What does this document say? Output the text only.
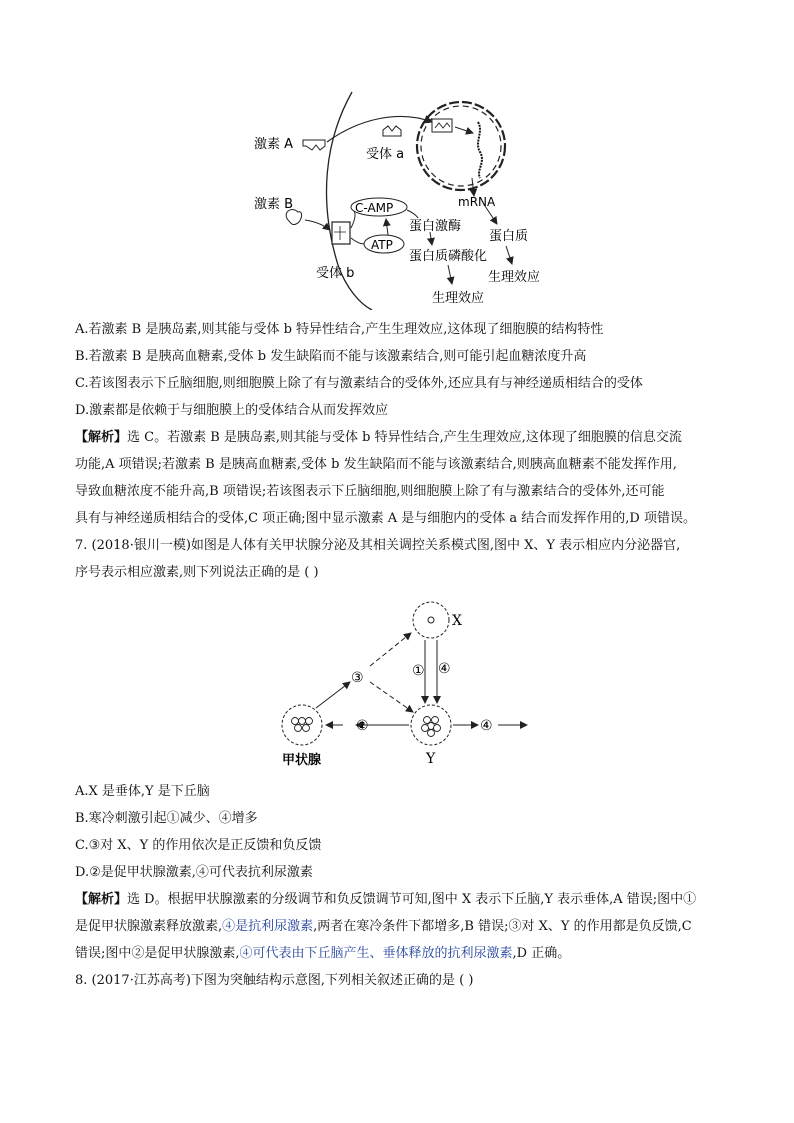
激素 A
受体 a
激素 B	C-AMP
ATP
蛋白激酶
蛋白质磷酸化
受体 b
mRNA
蛋白质
生理效应
生理效应
A.若激素 B 是胰岛素,则其能与受体 b 特异性结合,产生生理效应,这体现了细胞膜的结构特性
B.若激素 B 是胰高血糖素,受体 b 发生缺陷而不能与该激素结合,则可能引起血糖浓度升高
C.若该图表示下丘脑细胞,则细胞膜上除了有与激素结合的受体外,还应具有与神经递质相结合的受体
D.激素都是依赖于与细胞膜上的受体结合从而发挥效应
【解析】选 C。若激素 B 是胰岛素,则其能与受体 b 特异性结合,产生生理效应,这体现了细胞膜的信息交流
功能,A 项错误;若激素 B 是胰高血糖素,受体 b 发生缺陷而不能与该激素结合,则胰高血糖素不能发挥作用,
导致血糖浓度不能升高,B 项错误;若该图表示下丘脑细胞,则细胞膜上除了有与激素结合的受体外,还可能
具有与神经递质相结合的受体,C 项正确;图中显示激素 A 是与细胞内的受体 a 结合而发挥作用的,D 项错误。
7. (2018·银川一模)如图是人体有关甲状腺分泌及其相关调控关系模式图,图中 X、Y 表示相应内分泌器官,
序号表示相应激素,则下列说法正确的是 ( )
X
Y
甲状腺
① ④
②
③
④
A.X 是垂体,Y 是下丘脑
B.寒冷刺激引起①减少、④增多
C.③对 X、Y 的作用依次是正反馈和负反馈
D.②是促甲状腺激素,④可代表抗利尿激素
【解析】选 D。根据甲状腺激素的分级调节和负反馈调节可知,图中 X 表示下丘脑,Y 表示垂体,A 错误;图中①
是促甲状腺激素释放激素,④是抗利尿激素,两者在寒冷条件下都增多,B 错误;③对 X、Y 的作用都是负反馈,C
错误;图中②是促甲状腺激素,④可代表由下丘脑产生、垂体释放的抗利尿激素,D 正确。
8. (2017·江苏高考)下图为突触结构示意图,下列相关叙述正确的是 ( )
